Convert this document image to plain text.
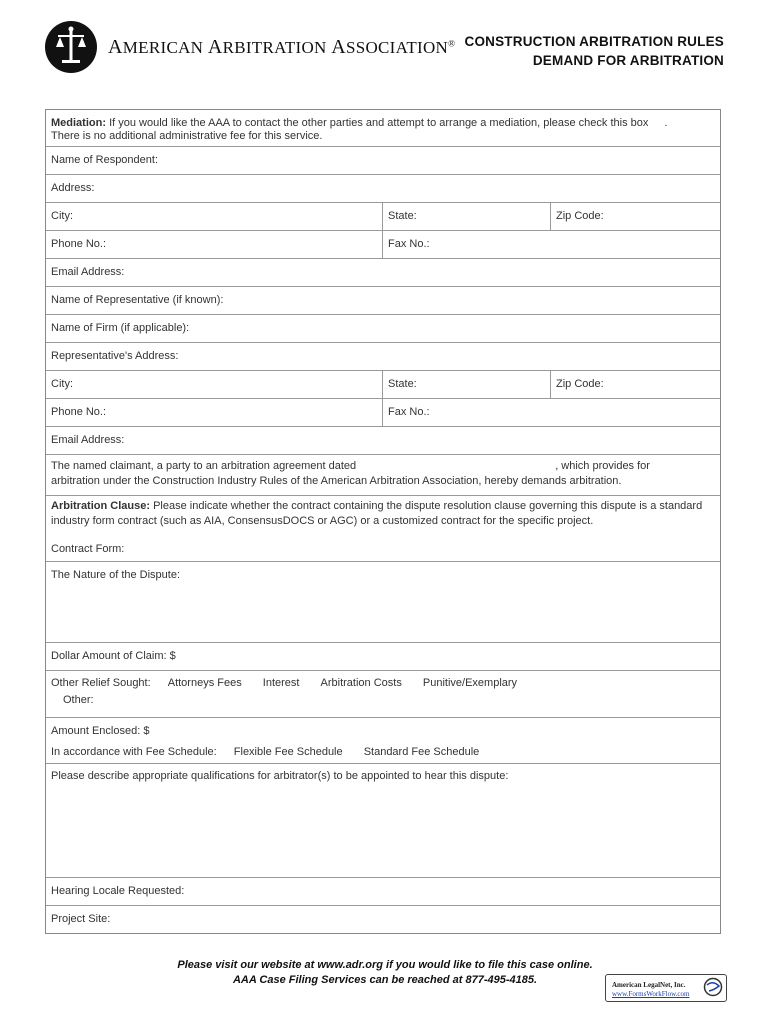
AMERICAN ARBITRATION ASSOCIATION® CONSTRUCTION ARBITRATION RULES
DEMAND FOR ARBITRATION
Mediation: If you would like the AAA to contact the other parties and attempt to arrange a mediation, please check this box .
There is no additional administrative fee for this service.
Name of Respondent:
Address:
City:	State:	Zip Code:
Phone No.:	Fax No.:
Email Address:
Name of Representative (if known):
Name of Firm (if applicable):
Representative's Address:
City:	State:	Zip Code:
Phone No.:	Fax No.:
Email Address:
The named claimant, a party to an arbitration agreement dated	, which provides for
arbitration under the Construction Industry Rules of the American Arbitration Association, hereby demands arbitration.
Arbitration Clause: Please indicate whether the contract containing the dispute resolution clause governing this dispute is a standard industry form contract (such as AIA, ConsensusDOCS or AGC) or a customized contract for the specific project.
Contract Form:
The Nature of the Dispute:
Dollar Amount of Claim: $
Other Relief Sought: Attorneys Fees Interest Arbitration Costs Punitive/Exemplary
Other:
Amount Enclosed: $
In accordance with Fee Schedule: Flexible Fee Schedule Standard Fee Schedule
Please describe appropriate qualifications for arbitrator(s) to be appointed to hear this dispute:
Hearing Locale Requested:
Project Site:
Please visit our website at www.adr.org if you would like to file this case online.
AAA Case Filing Services can be reached at 877-495-4185.	American LegalNet, Inc.
www.FormsWorkFlow.com
